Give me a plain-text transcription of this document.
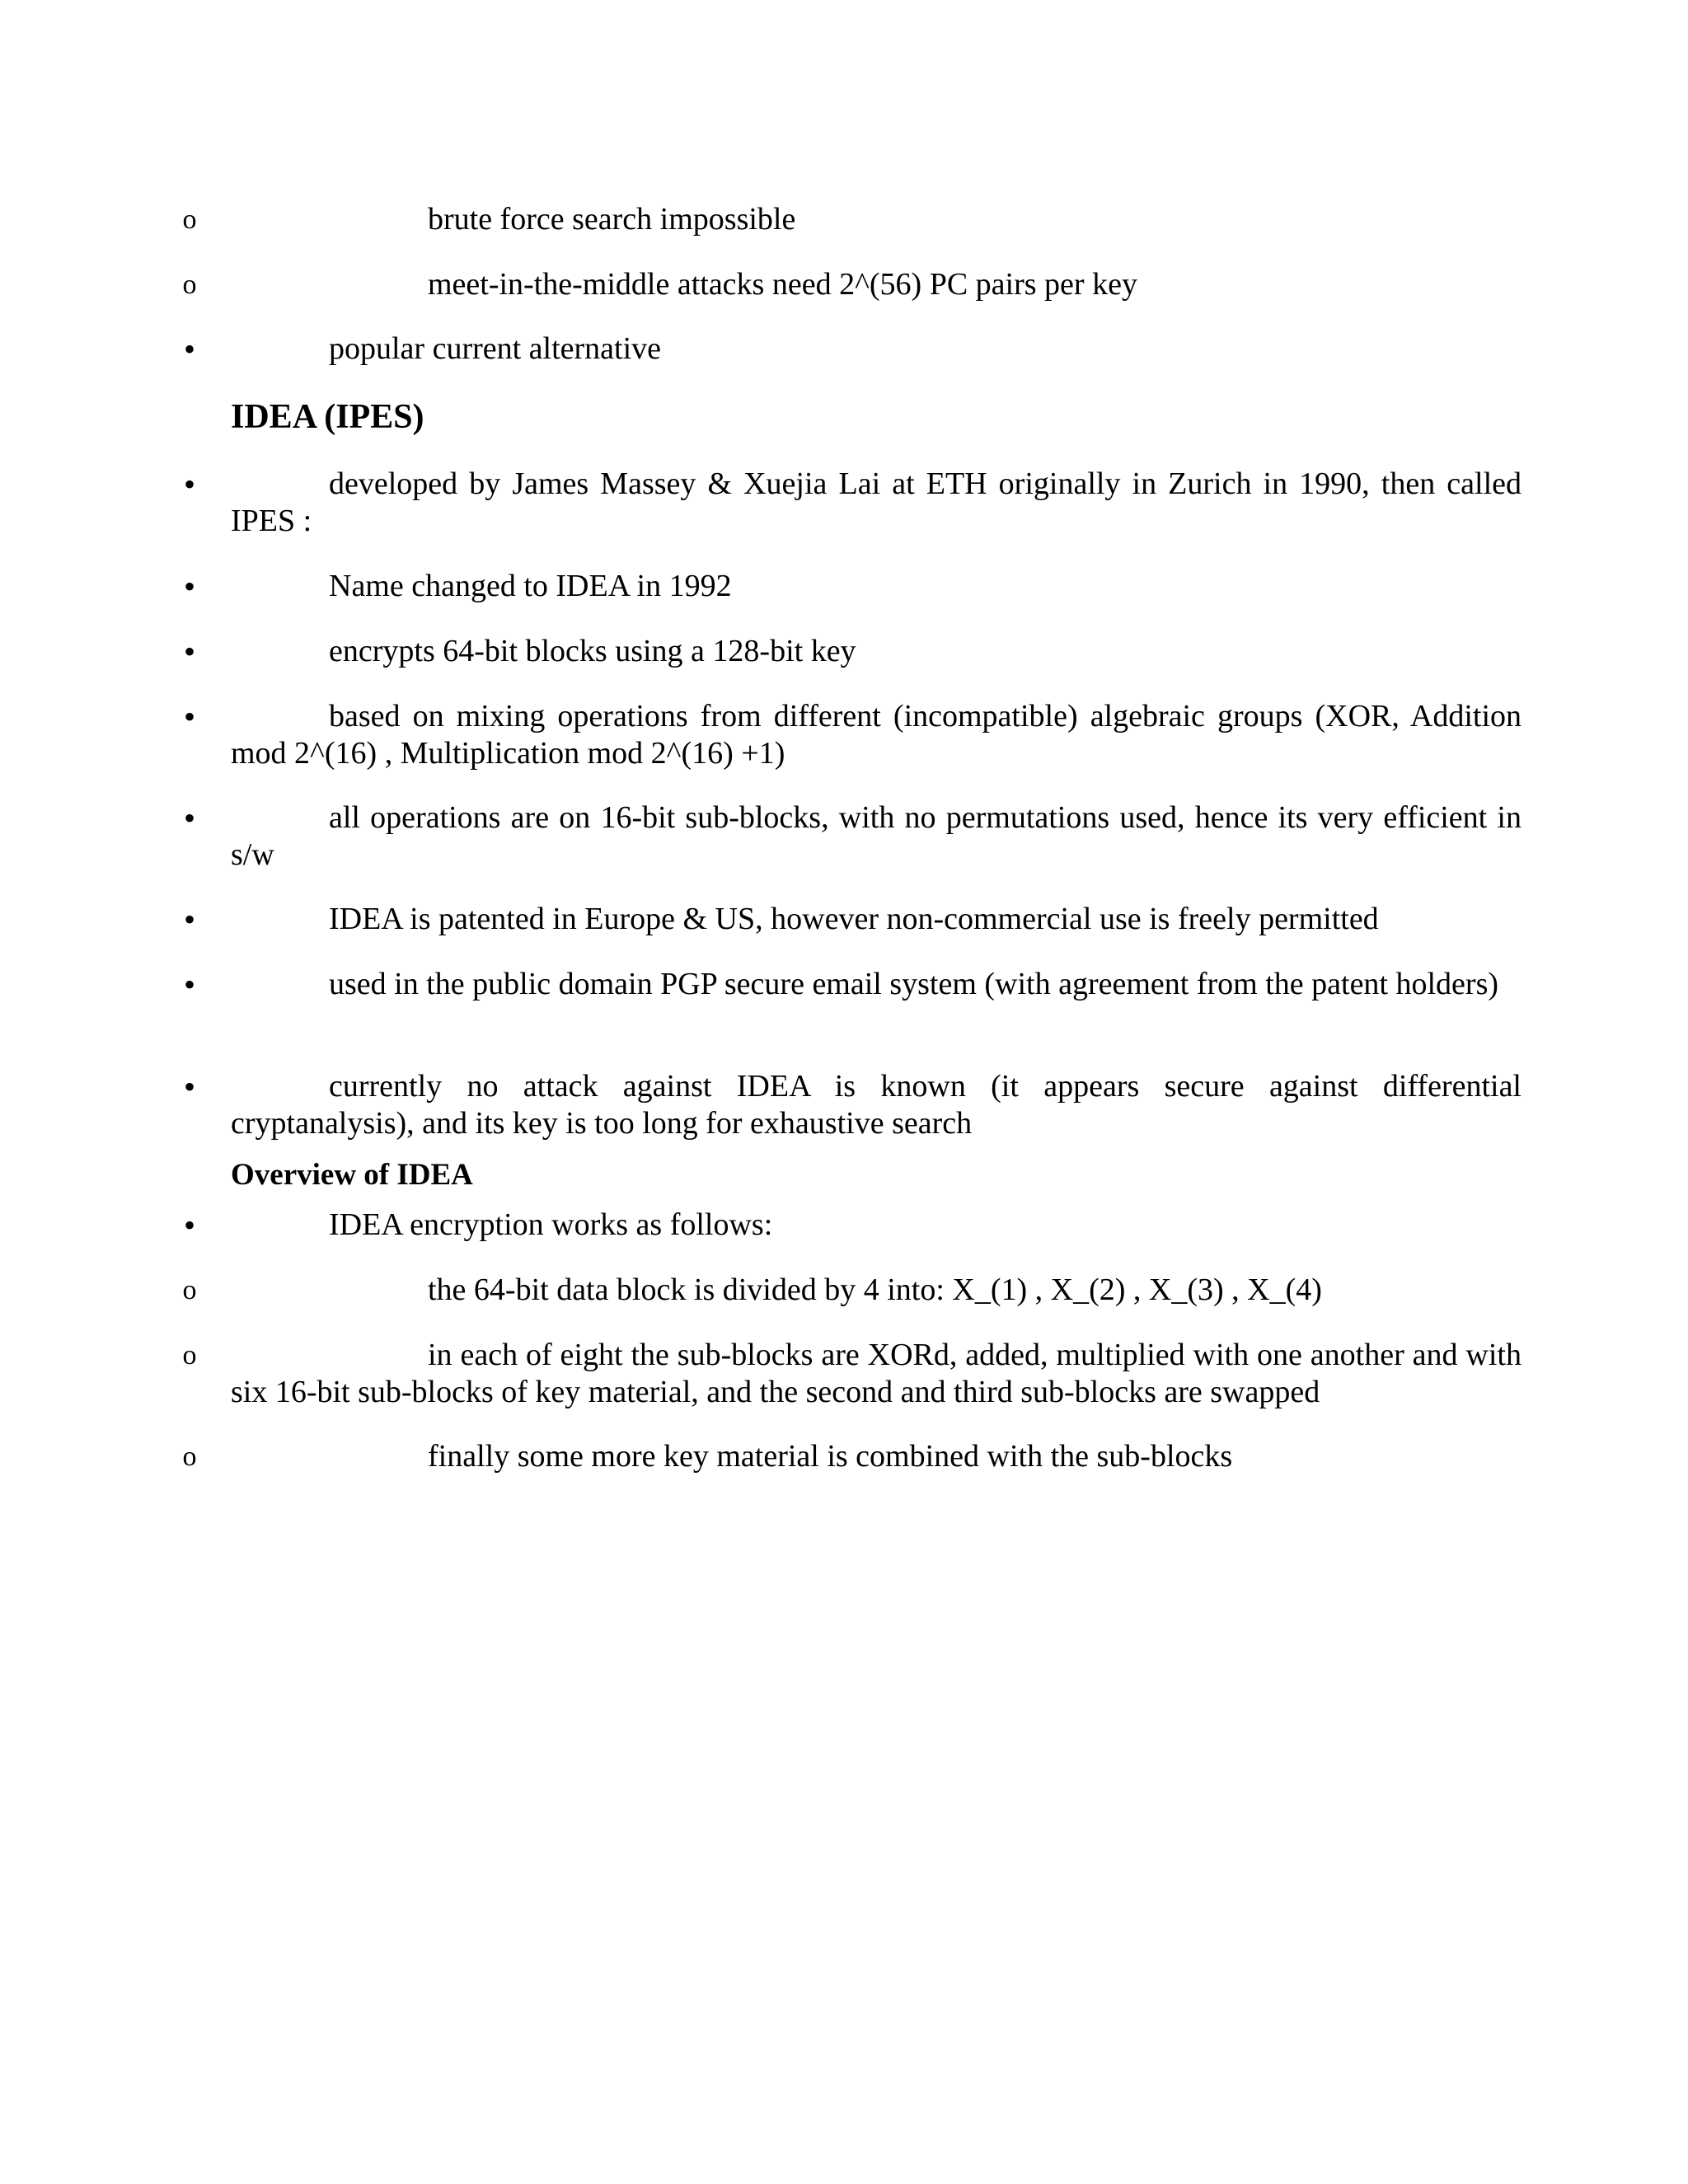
o	brute force search impossible
o	meet-in-the-middle attacks need 2^(56) PC pairs per key
•	popular current alternative
IDEA (IPES)
•	developed by James Massey & Xuejia Lai at ETH originally in Zurich in 1990, then called IPES :
•	Name changed to IDEA in 1992
•	encrypts 64-bit blocks using a 128-bit key
•	based on mixing operations from different (incompatible) algebraic groups (XOR, Addition mod 2^(16) , Multiplication mod 2^(16) +1)
•	all operations are on 16-bit sub-blocks, with no permutations used, hence its very efficient in s/w
•	IDEA is patented in Europe & US, however non-commercial use is freely permitted
•	used in the public domain PGP secure email system (with agreement from the patent holders)
•	currently no attack against IDEA is known (it appears secure against differential cryptanalysis), and its key is too long for exhaustive search
Overview of IDEA
•	IDEA encryption works as follows:
o	the 64-bit data block is divided by 4 into: X_(1) , X_(2) , X_(3) , X_(4)
o	in each of eight the sub-blocks are XORd, added, multiplied with one another and with six 16-bit sub-blocks of key material, and the second and third sub-blocks are swapped
o	finally some more key material is combined with the sub-blocks
